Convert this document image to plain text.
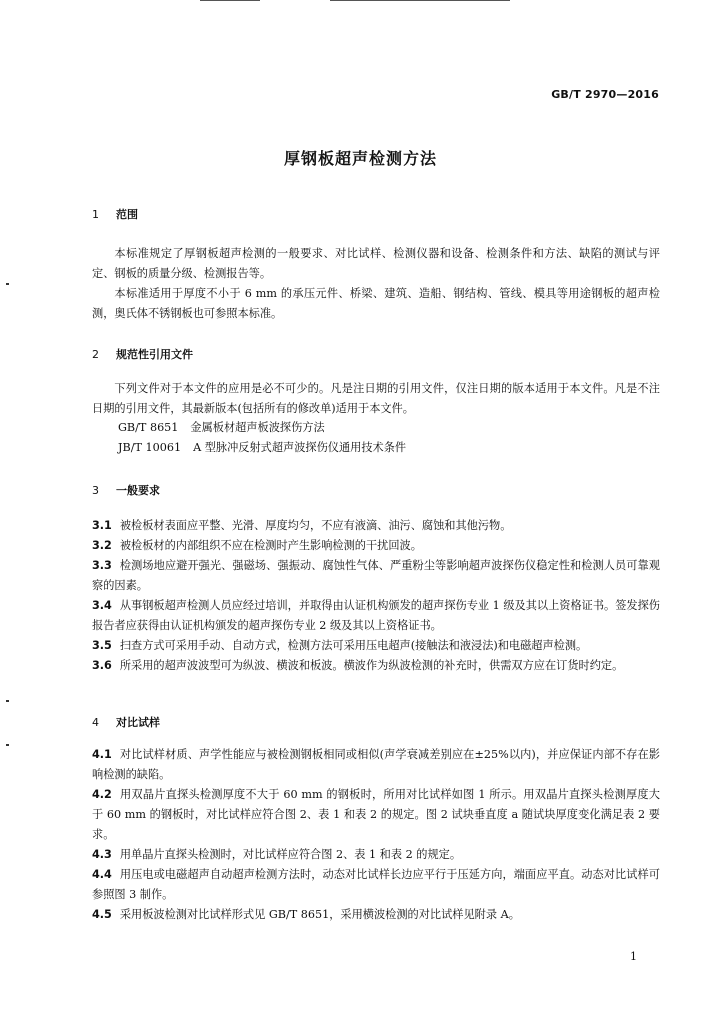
GB/T 2970—2016
厚钢板超声检测方法
1 范围
本标准规定了厚钢板超声检测的一般要求、对比试样、检测仪器和设备、检测条件和方法、缺陷的测试与评定、钢板的质量分级、检测报告等。
本标准适用于厚度不小于 6 mm 的承压元件、桥梁、建筑、造船、钢结构、管线、模具等用途钢板的超声检测，奥氏体不锈钢板也可参照本标准。
2 规范性引用文件
下列文件对于本文件的应用是必不可少的。凡是注日期的引用文件，仅注日期的版本适用于本文件。凡是不注日期的引用文件，其最新版本(包括所有的修改单)适用于本文件。
GB/T 8651 金属板材超声板波探伤方法
JB/T 10061 A 型脉冲反射式超声波探伤仪通用技术条件
3 一般要求
3.1 被检板材表面应平整、光滑、厚度均匀，不应有液滴、油污、腐蚀和其他污物。
3.2 被检板材的内部组织不应在检测时产生影响检测的干扰回波。
3.3 检测场地应避开强光、强磁场、强振动、腐蚀性气体、严重粉尘等影响超声波探伤仪稳定性和检测人员可靠观察的因素。
3.4 从事钢板超声检测人员应经过培训，并取得由认证机构颁发的超声探伤专业 1 级及其以上资格证书。签发探伤报告者应获得由认证机构颁发的超声探伤专业 2 级及其以上资格证书。
3.5 扫查方式可采用手动、自动方式，检测方法可采用压电超声(接触法和液浸法)和电磁超声检测。
3.6 所采用的超声波波型可为纵波、横波和板波。横波作为纵波检测的补充时，供需双方应在订货时约定。
4 对比试样
4.1 对比试样材质、声学性能应与被检测钢板相同或相似(声学衰减差别应在±25%以内)，并应保证内部不存在影响检测的缺陷。
4.2 用双晶片直探头检测厚度不大于 60 mm 的钢板时，所用对比试样如图 1 所示。用双晶片直探头检测厚度大于 60 mm 的钢板时，对比试样应符合图 2、表 1 和表 2 的规定。图 2 试块垂直度 a 随试块厚度变化满足表 2 要求。
4.3 用单晶片直探头检测时，对比试样应符合图 2、表 1 和表 2 的规定。
4.4 用压电或电磁超声自动超声检测方法时，动态对比试样长边应平行于压延方向，端面应平直。动态对比试样可参照图 3 制作。
4.5 采用板波检测对比试样形式见 GB/T 8651，采用横波检测的对比试样见附录 A。
1
